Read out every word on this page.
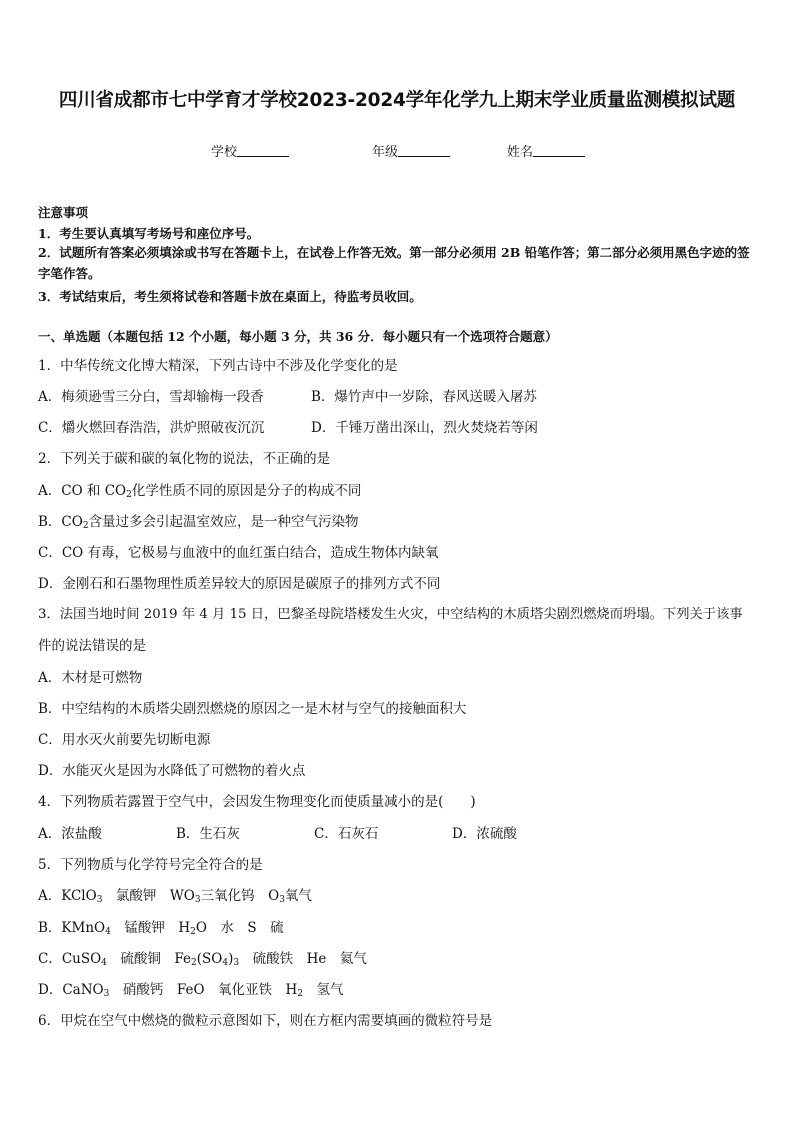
四川省成都市七中学育才学校2023-2024学年化学九上期末学业质量监测模拟试题
学校	年级	姓名
注意事项
1．考生要认真填写考场号和座位序号。
2．试题所有答案必须填涂或书写在答题卡上，在试卷上作答无效。第一部分必须用 2B 铅笔作答；第二部分必须用黑色字迹的签字笔作答。
3．考试结束后，考生须将试卷和答题卡放在桌面上，待监考员收回。
一、单选题（本题包括 12 个小题，每小题 3 分，共 36 分．每小题只有一个选项符合题意）
1．中华传统文化博大精深，下列古诗中不涉及化学变化的是
A．梅须逊雪三分白，雪却输梅一段香	B．爆竹声中一岁除，春风送暖入屠苏
C．爝火燃回春浩浩，洪炉照破夜沉沉	D．千锤万凿出深山，烈火焚烧若等闲
2．下列关于碳和碳的氧化物的说法，不正确的是
A．CO 和 $CO_2$化学性质不同的原因是分子的构成不同
B．$CO_2$含量过多会引起温室效应，是一种空气污染物
C．CO 有毒，它极易与血液中的血红蛋白结合，造成生物体内缺氧
D．金刚石和石墨物理性质差异较大的原因是碳原子的排列方式不同
3．法国当地时间 2019 年 4 月 15 日，巴黎圣母院塔楼发生火灾，中空结构的木质塔尖剧烈燃烧而坍塌。下列关于该事
件的说法错误的是
A．木材是可燃物
B．中空结构的木质塔尖剧烈燃烧的原因之一是木材与空气的接触面积大
C．用水灭火前要先切断电源
D．水能灭火是因为水降低了可燃物的着火点
4．下列物质若露置于空气中，会因发生物理变化而使质量减小的是(　　)
A．浓盐酸	B．生石灰	C．石灰石	D．浓硫酸
5．下列物质与化学符号完全符合的是
A．KClO$_3$　氯酸钾　$WO_3$三氧化钨　$O_3$氧气
B．KMnO$_4$　锰酸钾　$H_2O$　水　S　硫
C．CuSO$_4$　硫酸铜　$Fe_2(SO_4)_3$　硫酸铁　He　氦气
D．CaNO$_3$　硝酸钙　FeO　氧化亚铁　$H_2$　氢气
6．甲烷在空气中燃烧的微粒示意图如下，则在方框内需要填画的微粒符号是
